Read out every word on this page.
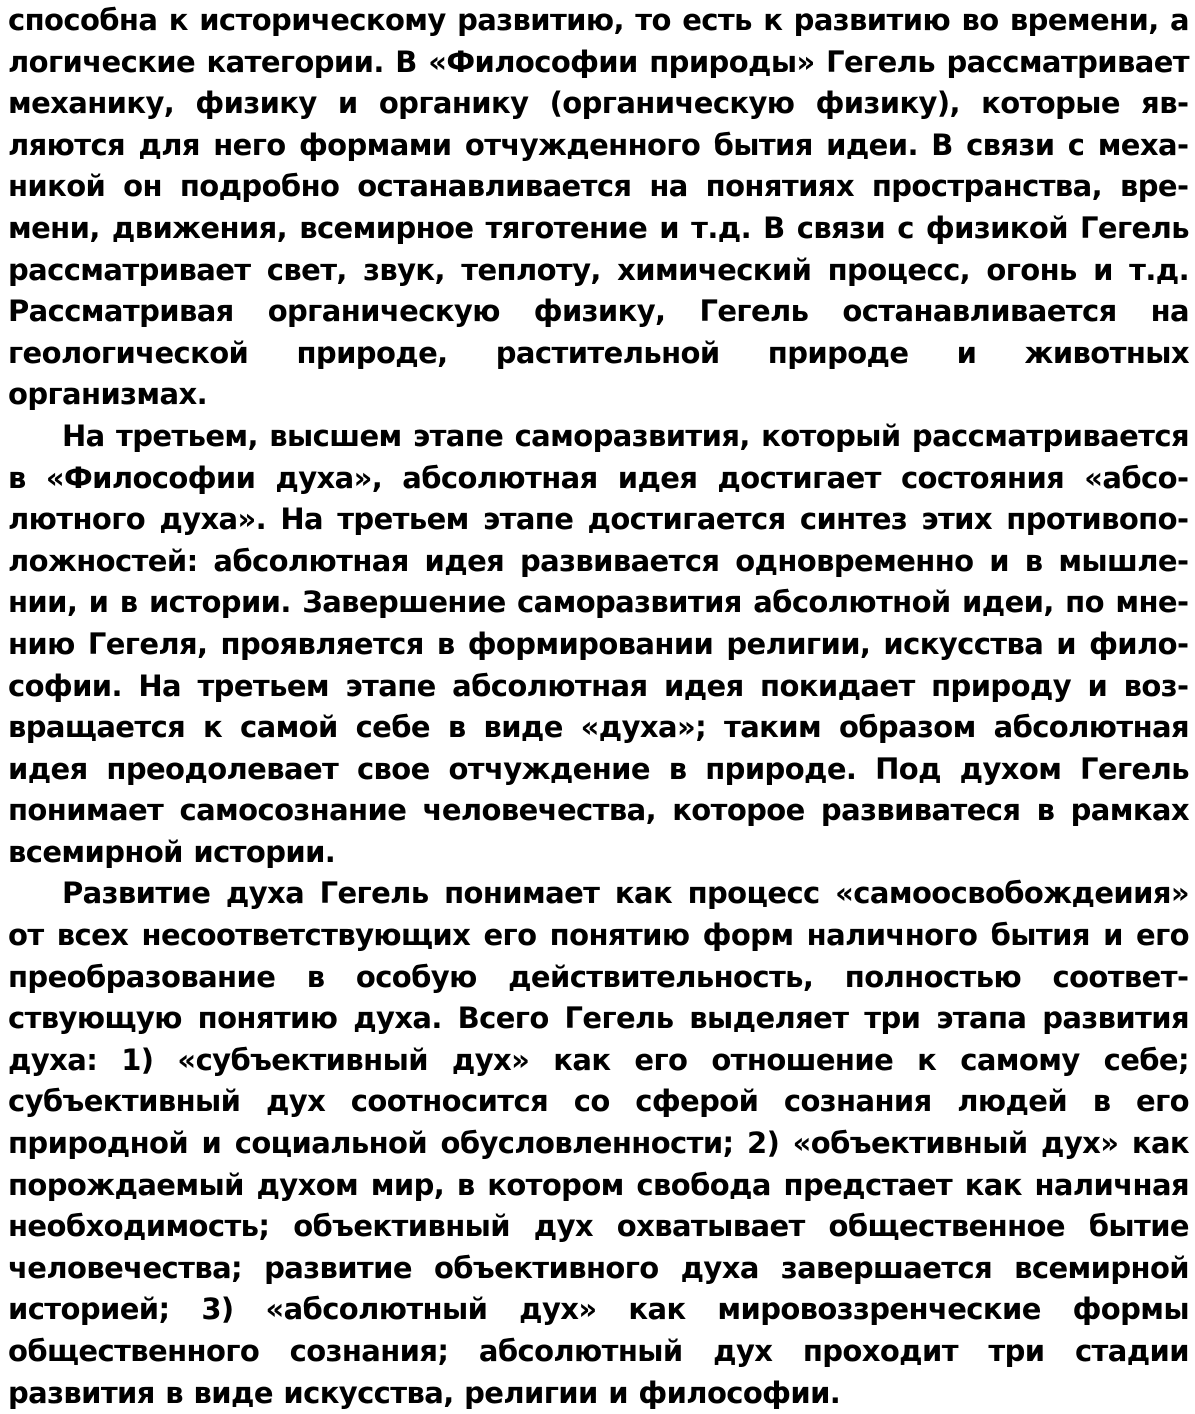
способна к историческому развитию, то есть к развитию во времени, а логические категории. В «Философии природы» Гегель рассматривает механику, физику и органику (органическую физику), которые являются для него формами отчужденного бытия идеи. В связи с механикой он подробно останавливается на понятиях пространства, времени, движения, всемирное тяготение и т.д. В связи с физикой Гегель рассматривает свет, звук, теплоту, химический процесс, огонь и т.д. Рассматривая органическую физику, Гегель останавливается на геологической природе, растительной природе и животных организмах.

На третьем, высшем этапе саморазвития, который рассматривается в «Философии духа», абсолютная идея достигает состояния «абсолютного духа». На третьем этапе достигается синтез этих противоположностей: абсолютная идея развивается одновременно и в мышлении, и в истории. Завершение саморазвития абсолютной идеи, по мнению Гегеля, проявляется в формировании религии, искусства и философии. На третьем этапе абсолютная идея покидает природу и возвращается к самой себе в виде «духа»; таким образом абсолютная идея преодолевает свое отчуждение в природе. Под духом Гегель понимает самосознание человечества, которое развиватеся в рамках всемирной истории.

Развитие духа Гегель понимает как процесс «самоосвобождеиия» от всех несоответствующих его понятию форм наличного бытия и его преобразование в особую действительность, полностью соответствующую понятию духа. Всего Гегель выделяет три этапа развития духа: 1) «субъективный дух» как его отношение к самому себе; субъективный дух соотносится со сферой сознания людей в его природной и социальной обусловленности; 2) «объективный дух» как порождаемый духом мир, в котором свобода предстает как наличная необходимость; объективный дух охватывает общественное бытие человечества; развитие объективного духа завершается всемирной историей; 3) «абсолютный дух» как мировоззренческие формы общественного сознания; абсолютный дух проходит три стадии развития в виде искусства, религии и философии.
